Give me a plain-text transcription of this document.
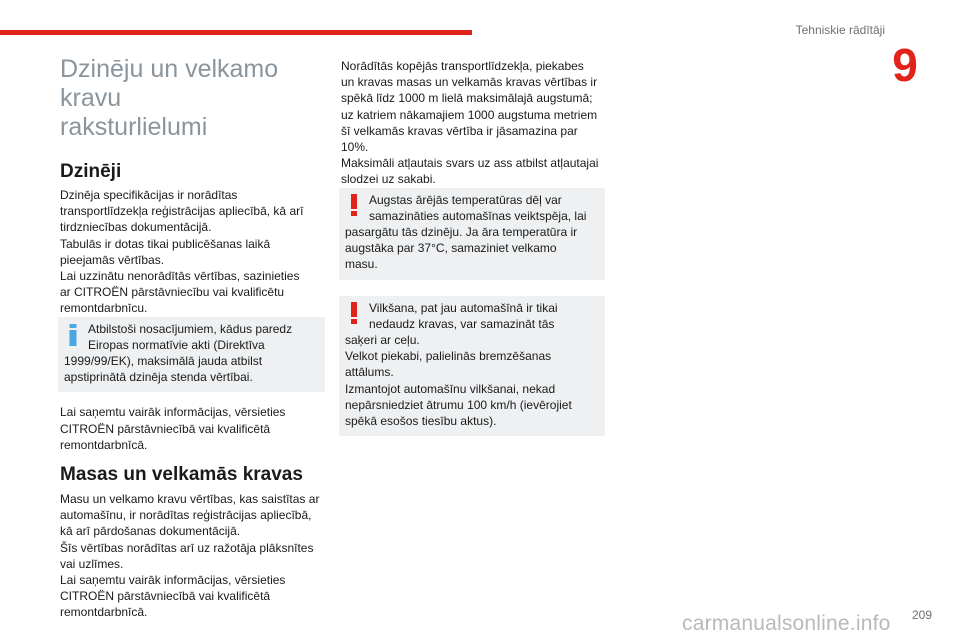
Tehniskie rādītāji
9
Dzinēju un velkamo kravu
raksturlielumi
Dzinēji

Dzinēja specifikācijas ir norādītas

transportlīdzekļa reģistrācijas apliecībā, kā arī

tirdzniecības dokumentācijā.

Tabulās ir dotas tikai publicēšanas laikā

pieejamās vērtības.

Lai uzzinātu nenorādītās vērtības, sazinieties

ar CITROËN pārstāvniecību vai kvalificētu

remontdarbnīcu.

Atbilstoši nosacījumiem, kādus paredz

Eiropas normatīvie akti (Direktīva

1999/99/EK), maksimālā jauda atbilst

apstiprinātā dzinēja stenda vērtībai.

Lai saņemtu vairāk informācijas, vērsieties

CITROËN pārstāvniecībā vai kvalificētā

remontdarbnīcā.

Masas un velkamās kravas

Masu un velkamo kravu vērtības, kas saistītas ar

automašīnu, ir norādītas reģistrācijas apliecībā,

kā arī pārdošanas dokumentācijā.

Šīs vērtības norādītas arī uz ražotāja plāksnītes

vai uzlīmes.

Lai saņemtu vairāk informācijas, vērsieties

CITROËN pārstāvniecībā vai kvalificētā

remontdarbnīcā.

Norādītās kopējās transportlīdzekļa, piekabes

un kravas masas un velkamās kravas vērtības ir

spēkā līdz 1000 m lielā maksimālajā augstumā;

uz katriem nākamajiem 1000 augstuma metriem

šī velkamās kravas vērtība ir jāsamazina par

10%.

Maksimāli atļautais svars uz ass atbilst atļautajai

slodzei uz sakabi.

Augstas ārējās temperatūras dēļ var

samazināties automašīnas veiktspēja, lai

pasargātu tās dzinēju. Ja āra temperatūra ir

augstāka par 37°C, samaziniet velkamo

masu.

Vilkšana, pat jau automašīnā ir tikai

nedaudz kravas, var samazināt tās

saķeri ar ceļu.

Velkot piekabi, palielinās bremzēšanas

attālums.

Izmantojot automašīnu vilkšanai, nekad

nepārsniedziet ātrumu 100 km/h (ievērojiet

spēkā esošos tiesību aktus).

209
carmanualsonline.info
